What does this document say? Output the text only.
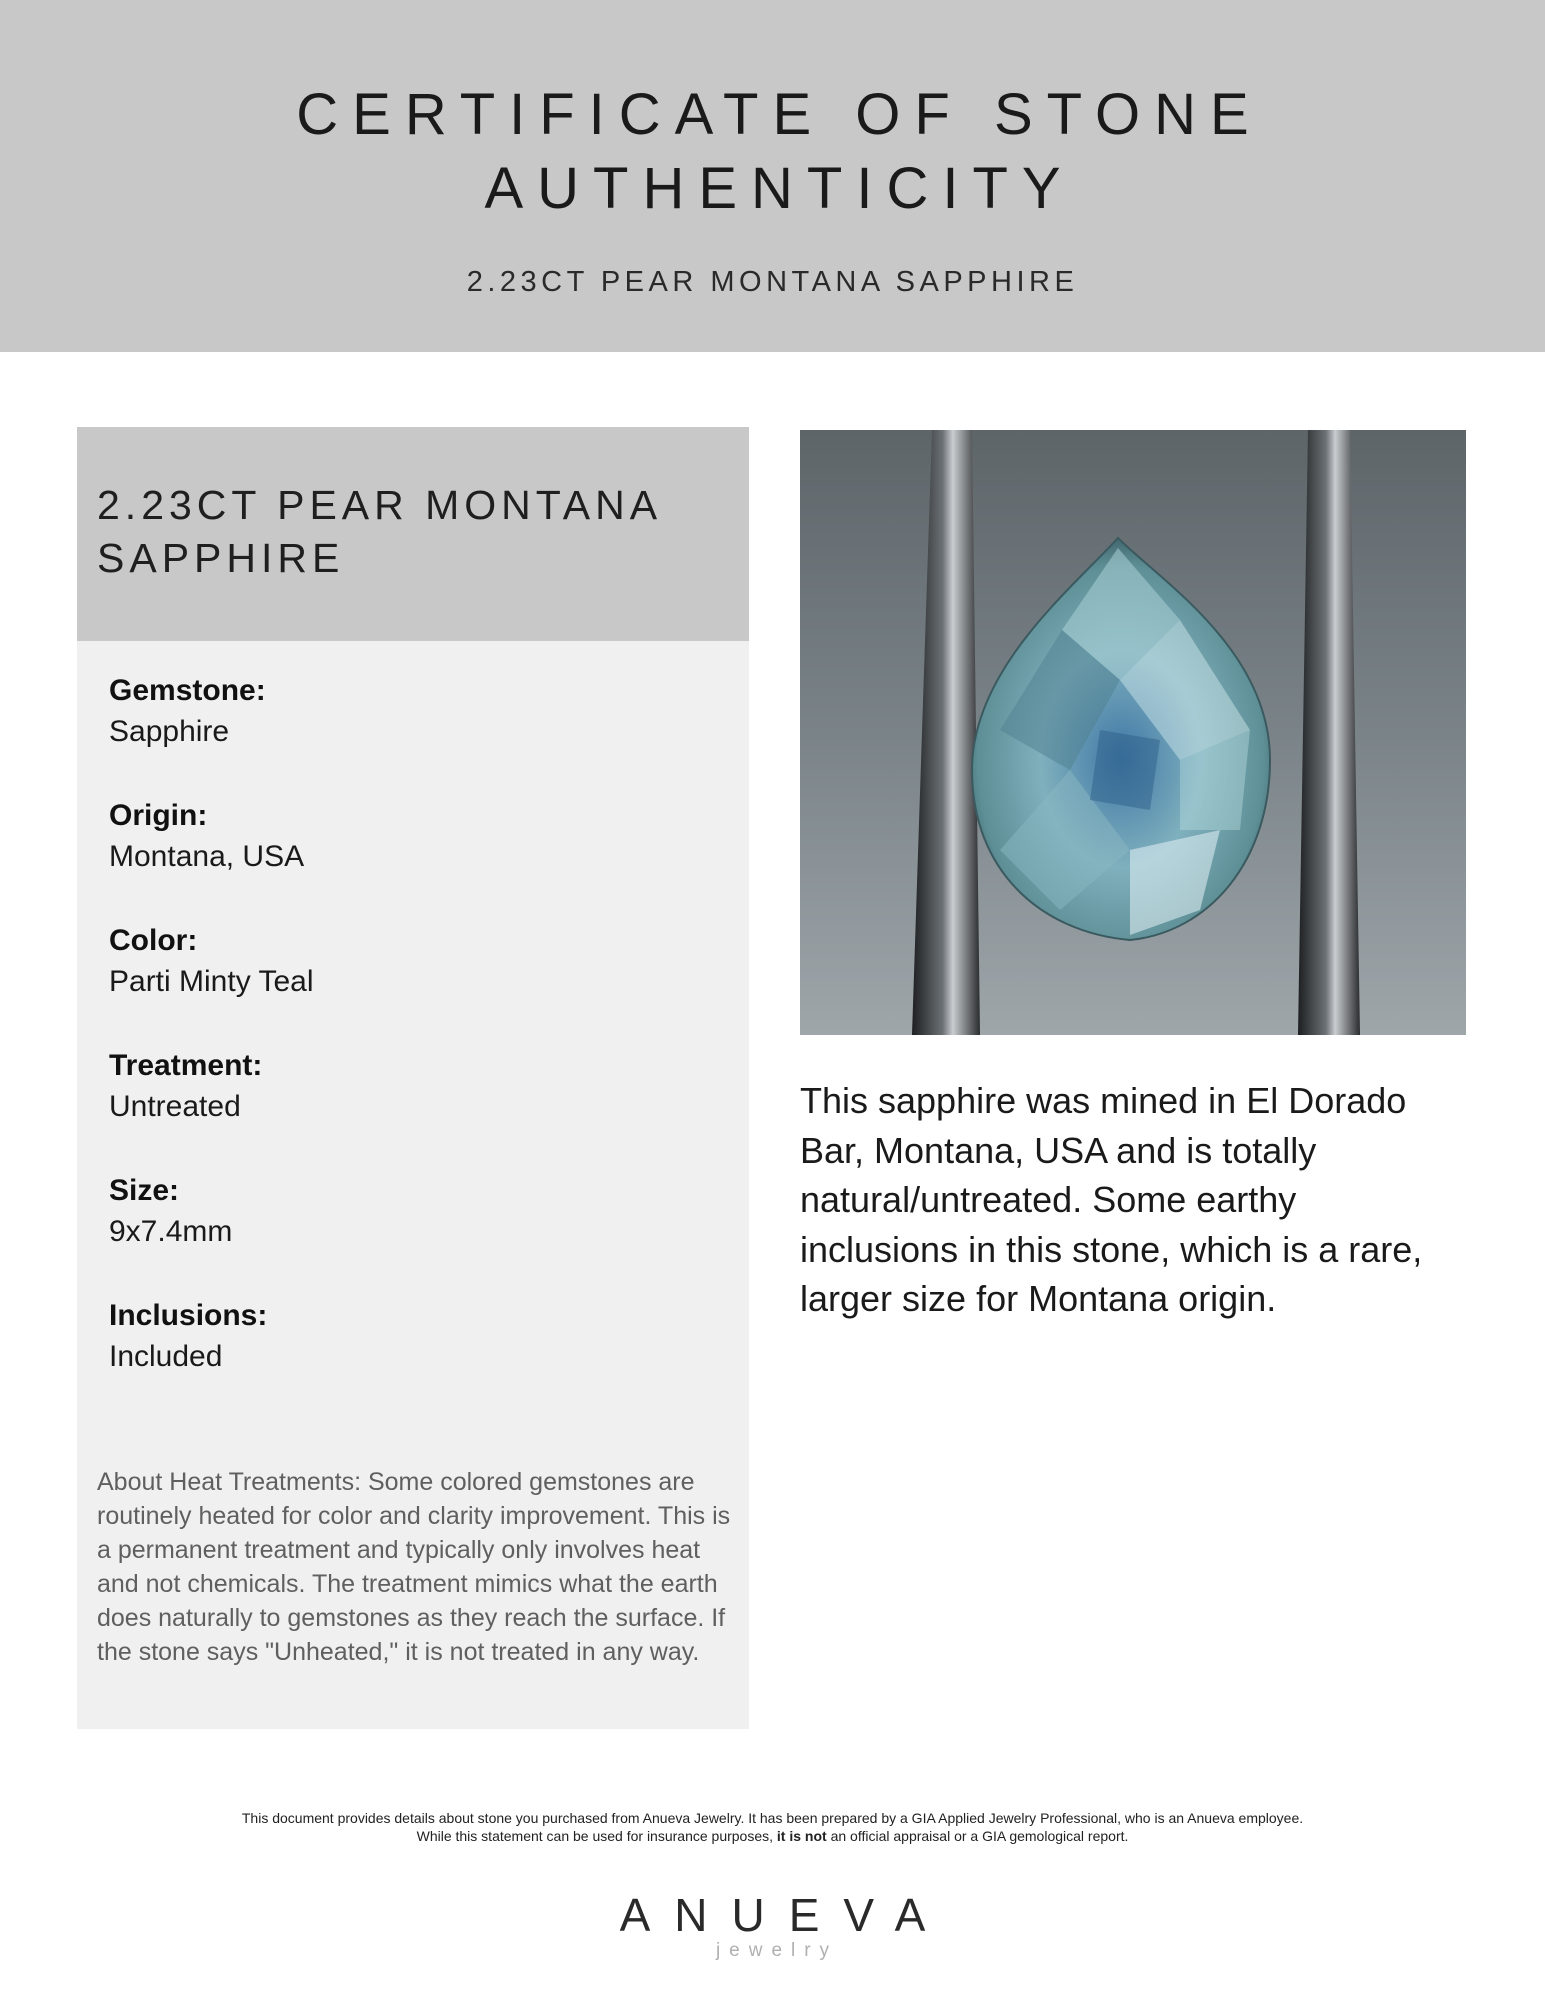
CERTIFICATE OF STONE
AUTHENTICITY
2.23CT PEAR MONTANA SAPPHIRE
2.23CT PEAR MONTANA
SAPPHIRE
Gemstone:
Sapphire
Origin:
Montana, USA
Color:
Parti Minty Teal
Treatment:
Untreated
Size:
9x7.4mm
Inclusions:
Included
About Heat Treatments: Some colored gemstones are routinely heated for color and clarity improvement. This is a permanent treatment and typically only involves heat and not chemicals. The treatment mimics what the earth does naturally to gemstones as they reach the surface. If the stone says "Unheated," it is not treated in any way.
This sapphire was mined in El Dorado Bar, Montana, USA and is totally natural/untreated. Some earthy inclusions in this stone, which is a rare, larger size for Montana origin.
This document provides details about stone you purchased from Anueva Jewelry. It has been prepared by a GIA Applied Jewelry Professional, who is an Anueva employee.
While this statement can be used for insurance purposes, it is not an official appraisal or a GIA gemological report.
ANUEVA
jewelry
